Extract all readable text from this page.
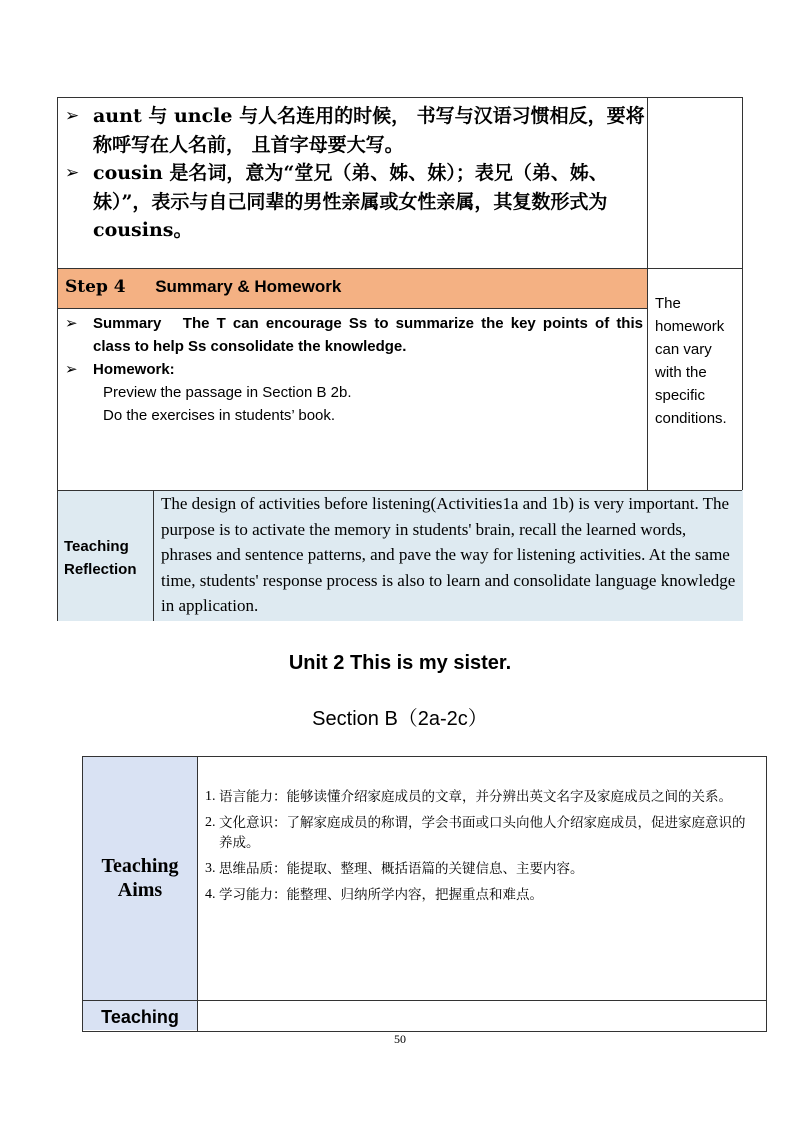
➢ aunt 与 uncle 与人名连用的时候， 书写与汉语习惯相反，要将称呼写在人名前， 且首字母要大写。
➢ cousin 是名词，意为“堂兄（弟、姊、妹）；表兄（弟、姊、妹）”，表示与自己同辈的男性亲属或女性亲属，其复数形式为 cousins。
Step 4 Summary & Homework
➢	Summary The T can encourage Ss to summarize the key points of this class to help Ss consolidate the knowledge.
➢	Homework:
Preview the passage in Section B 2b.
Do the exercises in students’ book.
The homework can vary with the specific conditions.
Teaching Reflection
The design of activities before listening(Activities1a and 1b) is very important. The purpose is to activate the memory in students' brain, recall the learned words, phrases and sentence patterns, and pave the way for listening activities. At the same time, students' response process is also to learn and consolidate language knowledge in application.
Unit 2 This is my sister.
Section B（2a-2c）
Teaching Aims
1. 语言能力：能够读懂介绍家庭成员的文章，并分辨出英文名字及家庭成员之间的关系。
2. 文化意识：了解家庭成员的称谓，学会书面或口头向他人介绍家庭成员，促进家庭意识的养成。
3. 思维品质：能提取、整理、概括语篇的关键信息、主要内容。
4. 学习能力：能整理、归纳所学内容，把握重点和难点。
Teaching
50
